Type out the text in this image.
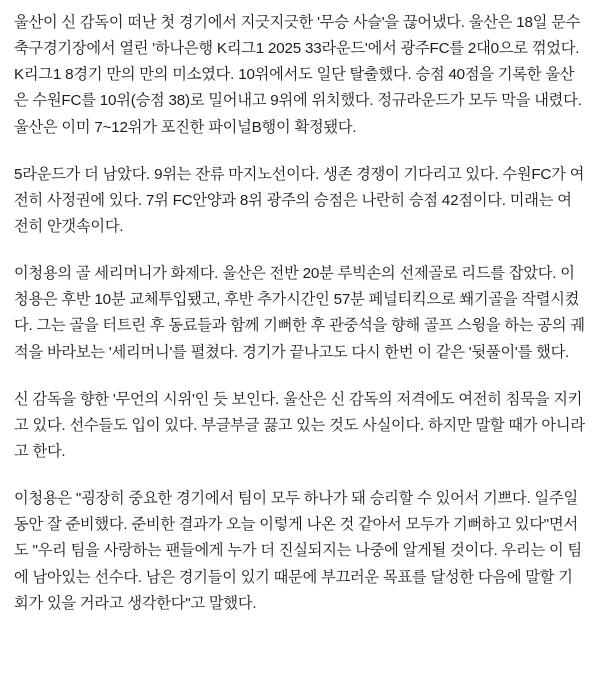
울산이 신 감독이 떠난 첫 경기에서 지긋지긋한 '무승 사슬'을 끊어냈다. 울산은 18일 문수축구경기장에서 열린 '하나은행 K리그1 2025 33라운드'에서 광주FC를 2대0으로 꺾었다. K리그1 8경기 만의 만의 미소였다. 10위에서도 일단 탈출했다. 승점 40점을 기록한 울산은 수원FC를 10위(승점 38)로 밀어내고 9위에 위치했다. 정규라운드가 모두 막을 내렸다. 울산은 이미 7~12위가 포진한 파이널B행이 확정됐다.

5라운드가 더 남았다. 9위는 잔류 마지노선이다. 생존 경쟁이 기다리고 있다. 수원FC가 여전히 사정권에 있다. 7위 FC안양과 8위 광주의 승점은 나란히 승점 42점이다. 미래는 여전히 안갯속이다.

이청용의 골 세리머니가 화제다. 울산은 전반 20분 루빅손의 선제골로 리드를 잡았다. 이청용은 후반 10분 교체투입됐고, 후반 추가시간인 57분 페널티킥으로 쐐기골을 작렬시켰다. 그는 골을 터트린 후 동료들과 함께 기뻐한 후 관중석을 향해 골프 스윙을 하는 공의 궤적을 바라보는 '세리머니'를 펼쳤다. 경기가 끝나고도 다시 한번 이 같은 '뒷풀이'를 했다.

신 감독을 향한 '무언의 시위'인 듯 보인다. 울산은 신 감독의 저격에도 여전히 침묵을 지키고 있다. 선수들도 입이 있다. 부글부글 끓고 있는 것도 사실이다. 하지만 말할 때가 아니라고 한다.

이청용은 "굉장히 중요한 경기에서 팀이 모두 하나가 돼 승리할 수 있어서 기쁘다. 일주일 동안 잘 준비했다. 준비한 결과가 오늘 이렇게 나온 것 같아서 모두가 기뻐하고 있다"면서도 "우리 팀을 사랑하는 팬들에게 누가 더 진실되지는 나중에 알게될 것이다. 우리는 이 팀에 남아있는 선수다. 남은 경기들이 있기 때문에 부끄러운 목표를 달성한 다음에 말할 기회가 있을 거라고 생각한다"고 말했다.
